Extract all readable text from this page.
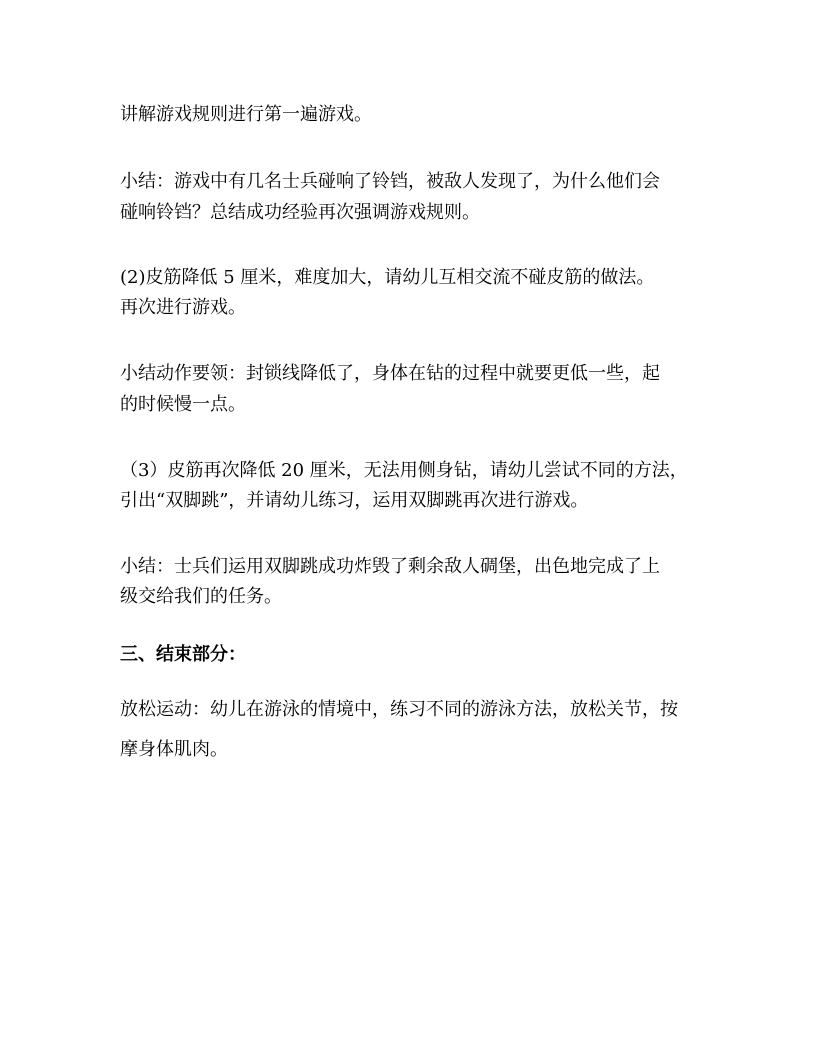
讲解游戏规则进行第一遍游戏。
小结：游戏中有几名士兵碰响了铃铛，被敌人发现了，为什么他们会
碰响铃铛？总结成功经验再次强调游戏规则。
(2)皮筋降低 5 厘米，难度加大，请幼儿互相交流不碰皮筋的做法。
再次进行游戏。
小结动作要领：封锁线降低了，身体在钻的过程中就要更低一些，起
的时候慢一点。
（3）皮筋再次降低 20 厘米，无法用侧身钻，请幼儿尝试不同的方法，
引出“双脚跳”，并请幼儿练习，运用双脚跳再次进行游戏。
小结：士兵们运用双脚跳成功炸毁了剩余敌人碉堡，出色地完成了上
级交给我们的任务。
三、结束部分：
放松运动：幼儿在游泳的情境中，练习不同的游泳方法，放松关节，按
摩身体肌肉。
